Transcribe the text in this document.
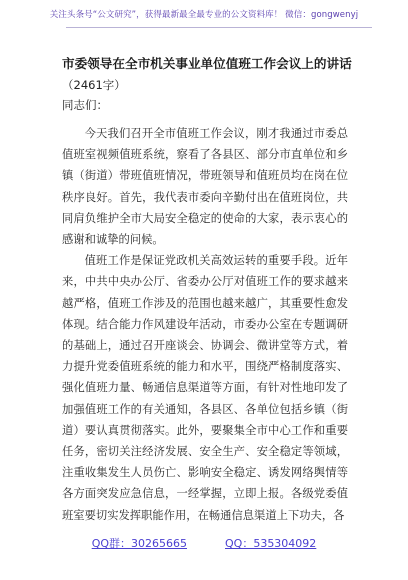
关注头条号“公文研究”，获得最新最全最专业的公文资料库！ 微信：gongwenyj
市委领导在全市机关事业单位值班工作会议上的讲话
（2461字）
同志们：

今天我们召开全市值班工作会议，刚才我通过市委总值班室视频值班系统，察看了各县区、部分市直单位和乡镇（街道）带班值班情况，带班领导和值班员均在岗在位秩序良好。首先，我代表市委向辛勤付出在值班岗位，共同肩负维护全市大局安全稳定的使命的大家，表示衷心的感谢和诚挚的问候。

值班工作是保证党政机关高效运转的重要手段。近年来，中共中央办公厅、省委办公厅对值班工作的要求越来越严格，值班工作涉及的范围也越来越广，其重要性愈发体现。结合能力作风建设年活动，市委办公室在专题调研的基础上，通过召开座谈会、协调会、微讲堂等方式，着力提升党委值班系统的能力和水平，围绕严格制度落实、强化值班力量、畅通信息渠道等方面，有针对性地印发了加强值班工作的有关通知，各县区、各单位包括乡镇（街道）要认真贯彻落实。此外，要聚集全市中心工作和重要任务，密切关注经济发展、安全生产、安全稳定等领域，注重收集发生人员伤亡、影响安全稳定、诱发网络舆情等各方面突发应急信息，一经掌握，立即上报。各级党委值班室要切实发挥职能作用，在畅通信息渠道上下功夫，各

QQ群：30265665	QQ：535304092
